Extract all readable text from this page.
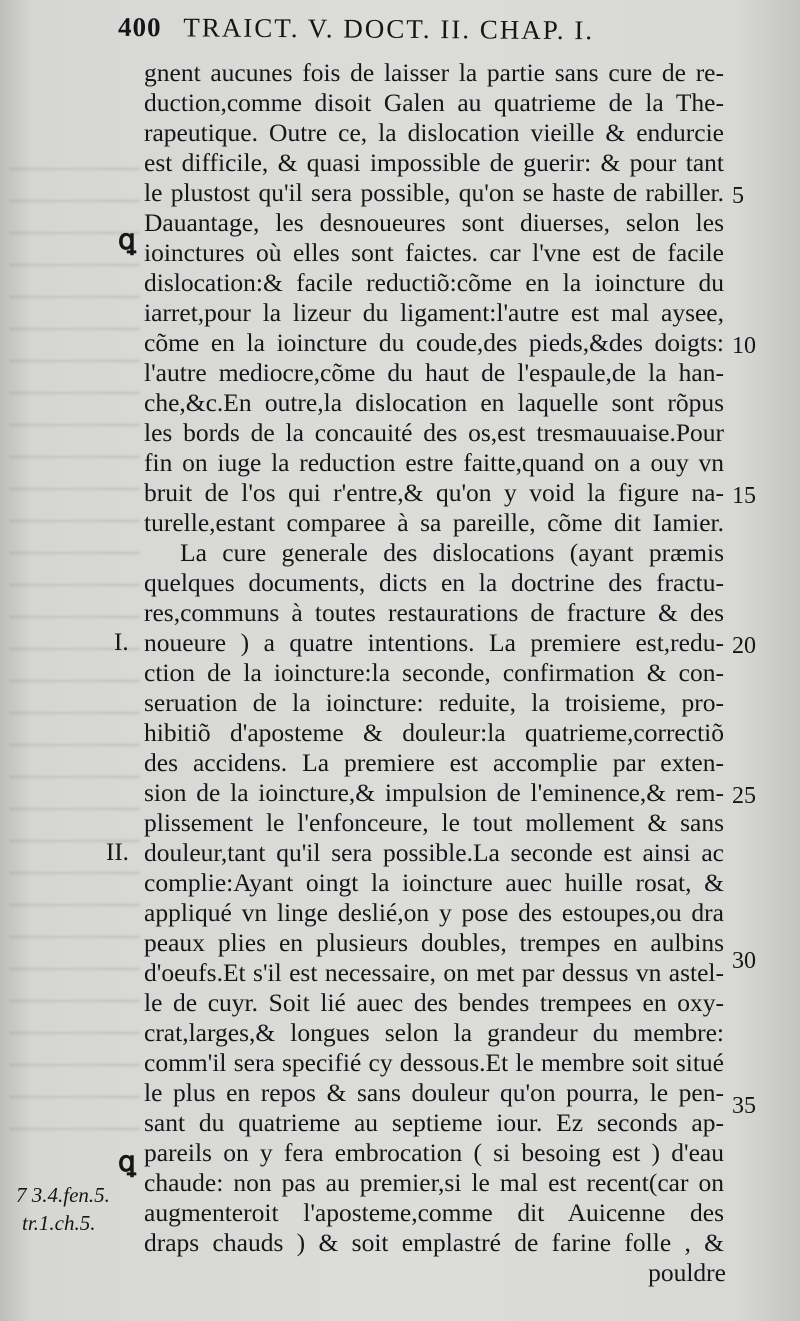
400 TRAICT. V. DOCT. II. CHAP. I.
gnent aucunes fois de laisser la partie sans cure de re-
duction,comme disoit Galen au quatrieme de la The-
rapeutique. Outre ce, la dislocation vieille & endurcie
est difficile, & quasi impossible de guerir: & pour tant
le plustost qu'il sera possible, qu'on se haste de rabiller.
Dauantage, les desnoueures sont diuerses, selon les
ioinctures où elles sont faictes. car l'vne est de facile
dislocation:& facile reductiõ:cõme en la ioincture du
iarret,pour la lizeur du ligament:l'autre est mal aysee,
cõme en la ioincture du coude,des pieds,&des doigts:
l'autre mediocre,cõme du haut de l'espaule,de la han-
che,&c.En outre,la dislocation en laquelle sont rõpus
les bords de la concauité des os,est tresmauuaise.Pour
fin on iuge la reduction estre faitte,quand on a ouy vn
bruit de l'os qui r'entre,& qu'on y void la figure na-
turelle,estant comparee à sa pareille, cõme dit Iamier.
La cure generale des dislocations (ayant præmis
quelques documents, dicts en la doctrine des fractu-
res,communs à toutes restaurations de fracture & des
noueure ) a quatre intentions. La premiere est,redu-
ction de la ioincture:la seconde, confirmation & con-
seruation de la ioincture: reduite, la troisieme, pro-
hibitiõ d'aposteme & douleur:la quatrieme,correctiõ
des accidens. La premiere est accomplie par exten-
sion de la ioincture,& impulsion de l'eminence,& rem-
plissement le l'enfonceure, le tout mollement & sans
douleur,tant qu'il sera possible.La seconde est ainsi ac
complie:Ayant oingt la ioincture auec huille rosat, &
appliqué vn linge deslié,on y pose des estoupes,ou dra
peaux plies en plusieurs doubles, trempes en aulbins
d'oeufs.Et s'il est necessaire, on met par dessus vn astel-
le de cuyr. Soit lié auec des bendes trempees en oxy-
crat,larges,& longues selon la grandeur du membre:
comm'il sera specifié cy dessous.Et le membre soit situé
le plus en repos & sans douleur qu'on pourra, le pen-
sant du quatrieme au septieme iour. Ez seconds ap-
pareils on y fera embrocation ( si besoing est ) d'eau
chaude: non pas au premier,si le mal est recent(car on
augmenteroit l'aposteme,comme dit Auicenne des
draps chauds ) & soit emplastré de farine folle , &
pouldre
5
10
15
20
25
30
35
ꝗ
I.
II.
ꝗ
7 3.4.fen.5.
tr.1.ch.5.
